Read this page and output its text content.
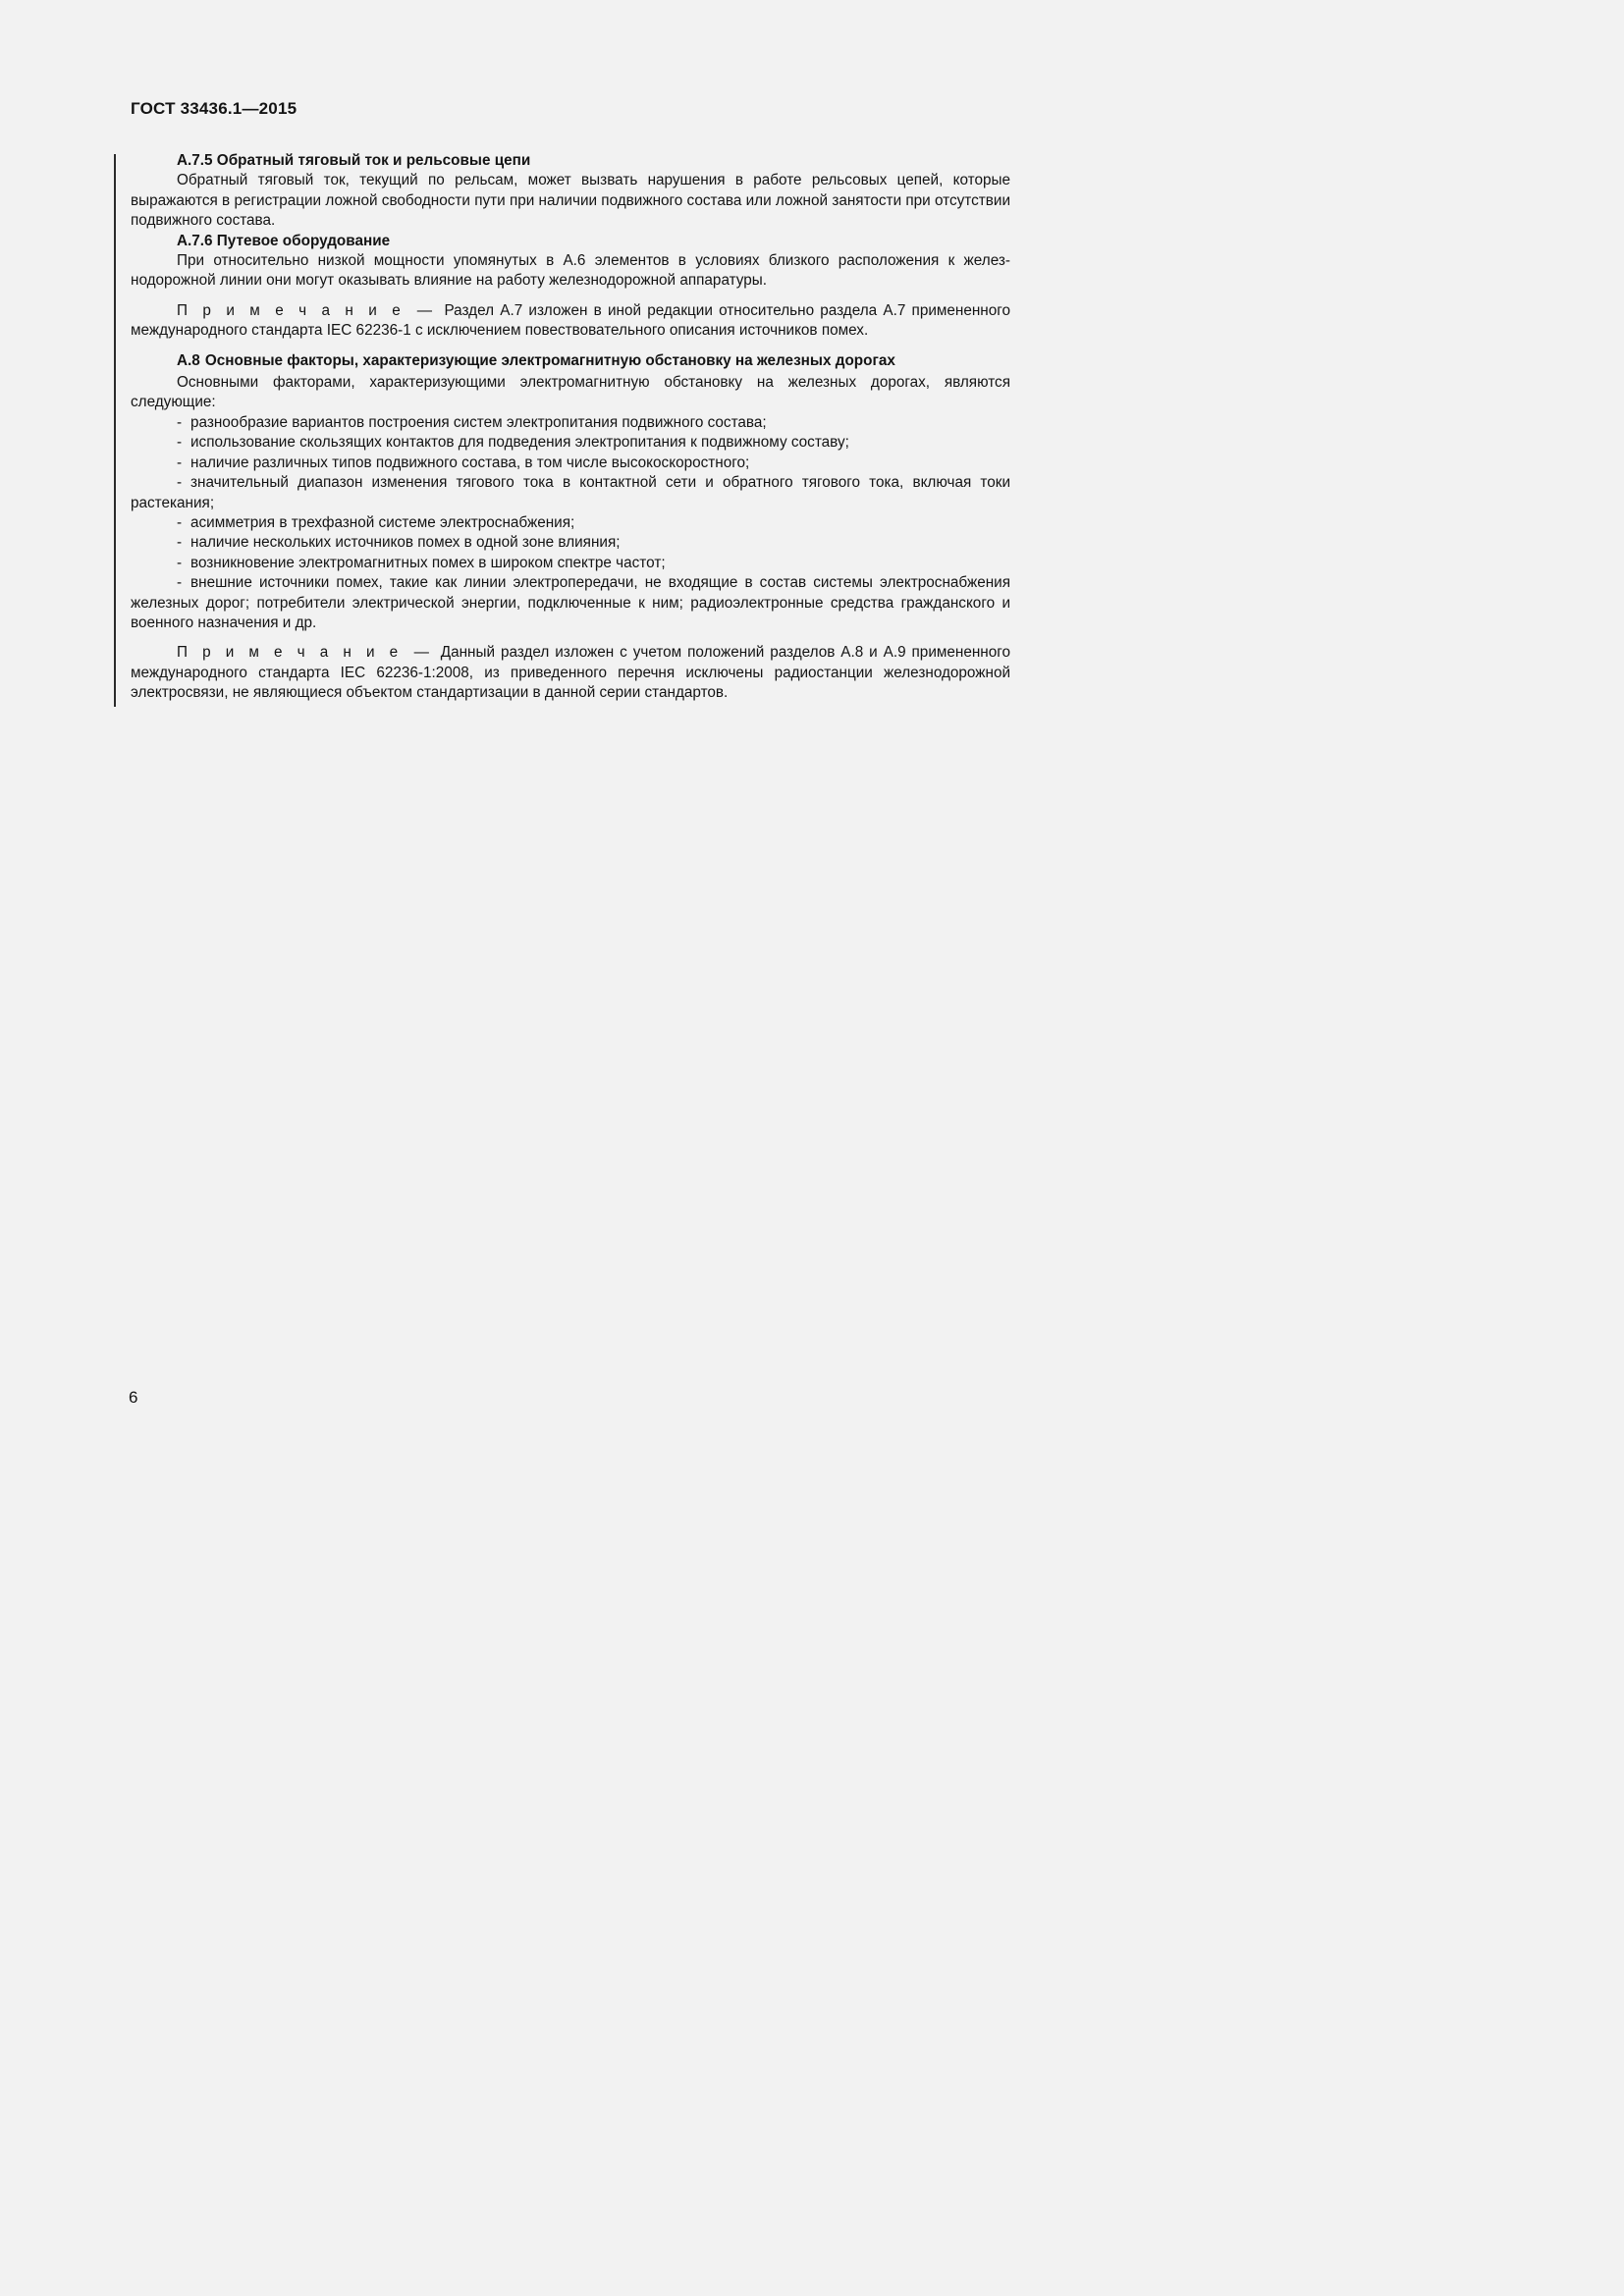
ГОСТ 33436.1—2015

А.7.5 Обратный тяговый ток и рельсовые цепи

Обратный тяговый ток, текущий по рельсам, может вызвать нарушения в работе рельсовых цепей, которые выражаются в регистрации ложной свободности пути при наличии подвижного состава или ложной занятости при отсутствии подвижного состава.

А.7.6 Путевое оборудование

При относительно низкой мощности упомянутых в А.6 элементов в условиях близкого расположения к железнодорожной линии они могут оказывать влияние на работу железнодорожной аппаратуры.

П р и м е ч а н и е — Раздел А.7 изложен в иной редакции относительно раздела А.7 примененного международного стандарта IEC 62236-1 с исключением повествовательного описания источников помех.

А.8 Основные факторы, характеризующие электромагнитную обстановку на железных дорогах

Основными факторами, характеризующими электромагнитную обстановку на железных дорогах, являются следующие:

- разнообразие вариантов построения систем электропитания подвижного состава;

- использование скользящих контактов для подведения электропитания к подвижному составу;

- наличие различных типов подвижного состава, в том числе высокоскоростного;

- значительный диапазон изменения тягового тока в контактной сети и обратного тягового тока, включая токи растекания;

- асимметрия в трехфазной системе электроснабжения;

- наличие нескольких источников помех в одной зоне влияния;

- возникновение электромагнитных помех в широком спектре частот;

- внешние источники помех, такие как линии электропередачи, не входящие в состав системы электроснабжения железных дорог; потребители электрической энергии, подключенные к ним; радиоэлектронные средства гражданского и военного назначения и др.

П р и м е ч а н и е — Данный раздел изложен с учетом положений разделов А.8 и А.9 примененного международного стандарта IEC 62236-1:2008, из приведенного перечня исключены радиостанции железнодорожной электросвязи, не являющиеся объектом стандартизации в данной серии стандартов.

6
